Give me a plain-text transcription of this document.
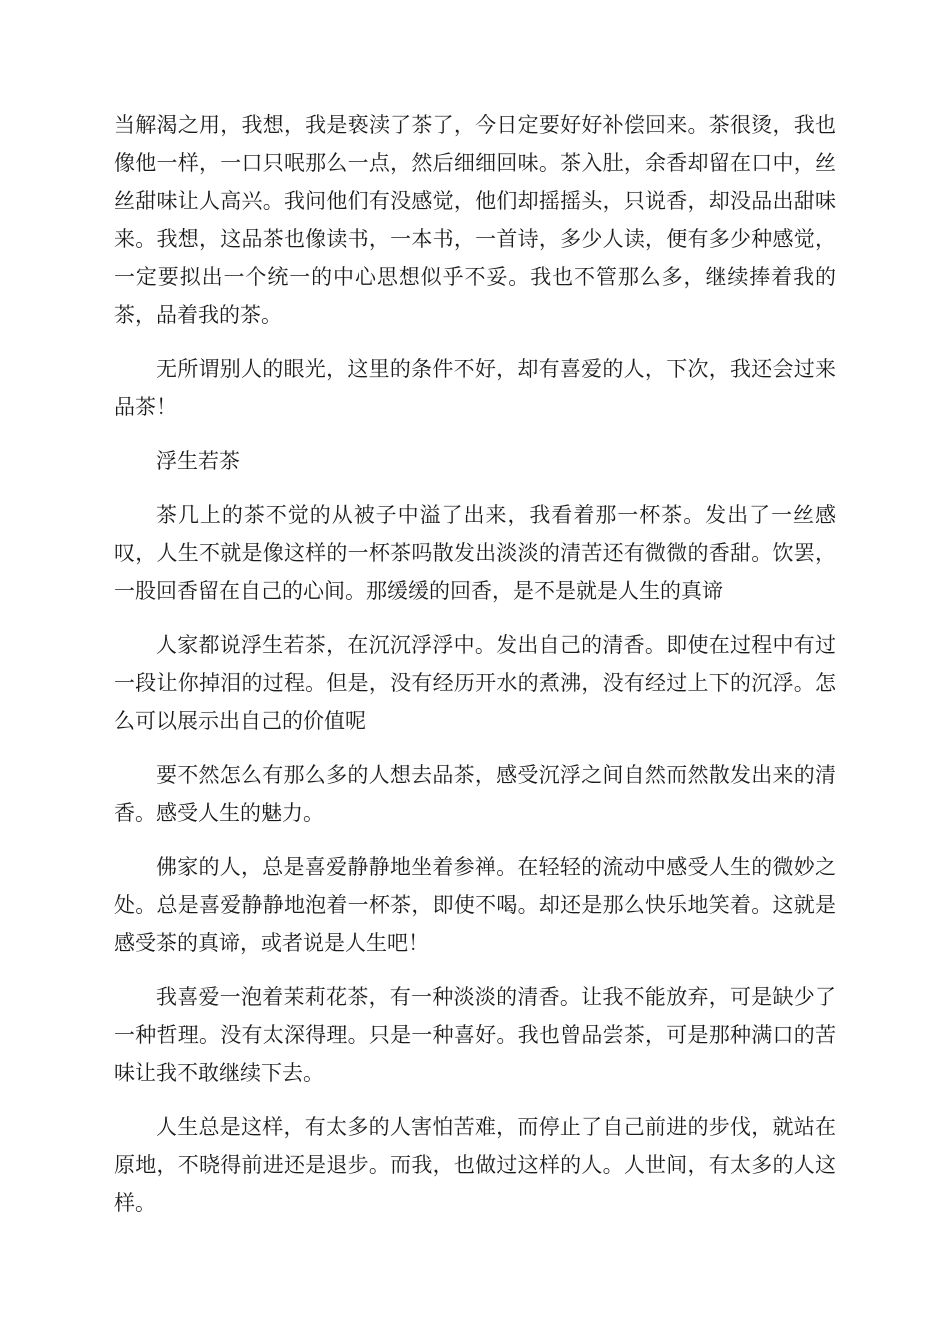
当解渴之用，我想，我是亵渎了茶了，今日定要好好补偿回来。茶很烫，我也像他一样，一口只呡那么一点，然后细细回味。茶入肚，余香却留在口中，丝丝甜味让人高兴。我问他们有没感觉，他们却摇摇头，只说香，却没品出甜味来。我想，这品茶也像读书，一本书，一首诗，多少人读，便有多少种感觉，一定要拟出一个统一的中心思想似乎不妥。我也不管那么多，继续捧着我的茶，品着我的茶。

无所谓别人的眼光，这里的条件不好，却有喜爱的人，下次，我还会过来品茶！

浮生若茶

茶几上的茶不觉的从被子中溢了出来，我看着那一杯茶。发出了一丝感叹，人生不就是像这样的一杯茶吗散发出淡淡的清苦还有微微的香甜。饮罢，一股回香留在自己的心间。那缓缓的回香，是不是就是人生的真谛

人家都说浮生若茶，在沉沉浮浮中。发出自己的清香。即使在过程中有过一段让你掉泪的过程。但是，没有经历开水的煮沸，没有经过上下的沉浮。怎么可以展示出自己的价值呢

要不然怎么有那么多的人想去品茶，感受沉浮之间自然而然散发出来的清香。感受人生的魅力。

佛家的人，总是喜爱静静地坐着参禅。在轻轻的流动中感受人生的微妙之处。总是喜爱静静地泡着一杯茶，即使不喝。却还是那么快乐地笑着。这就是感受茶的真谛，或者说是人生吧！

我喜爱一泡着茉莉花茶，有一种淡淡的清香。让我不能放弃，可是缺少了一种哲理。没有太深得理。只是一种喜好。我也曾品尝茶，可是那种满口的苦味让我不敢继续下去。

人生总是这样，有太多的人害怕苦难，而停止了自己前进的步伐，就站在原地，不晓得前进还是退步。而我，也做过这样的人。人世间，有太多的人这样。
